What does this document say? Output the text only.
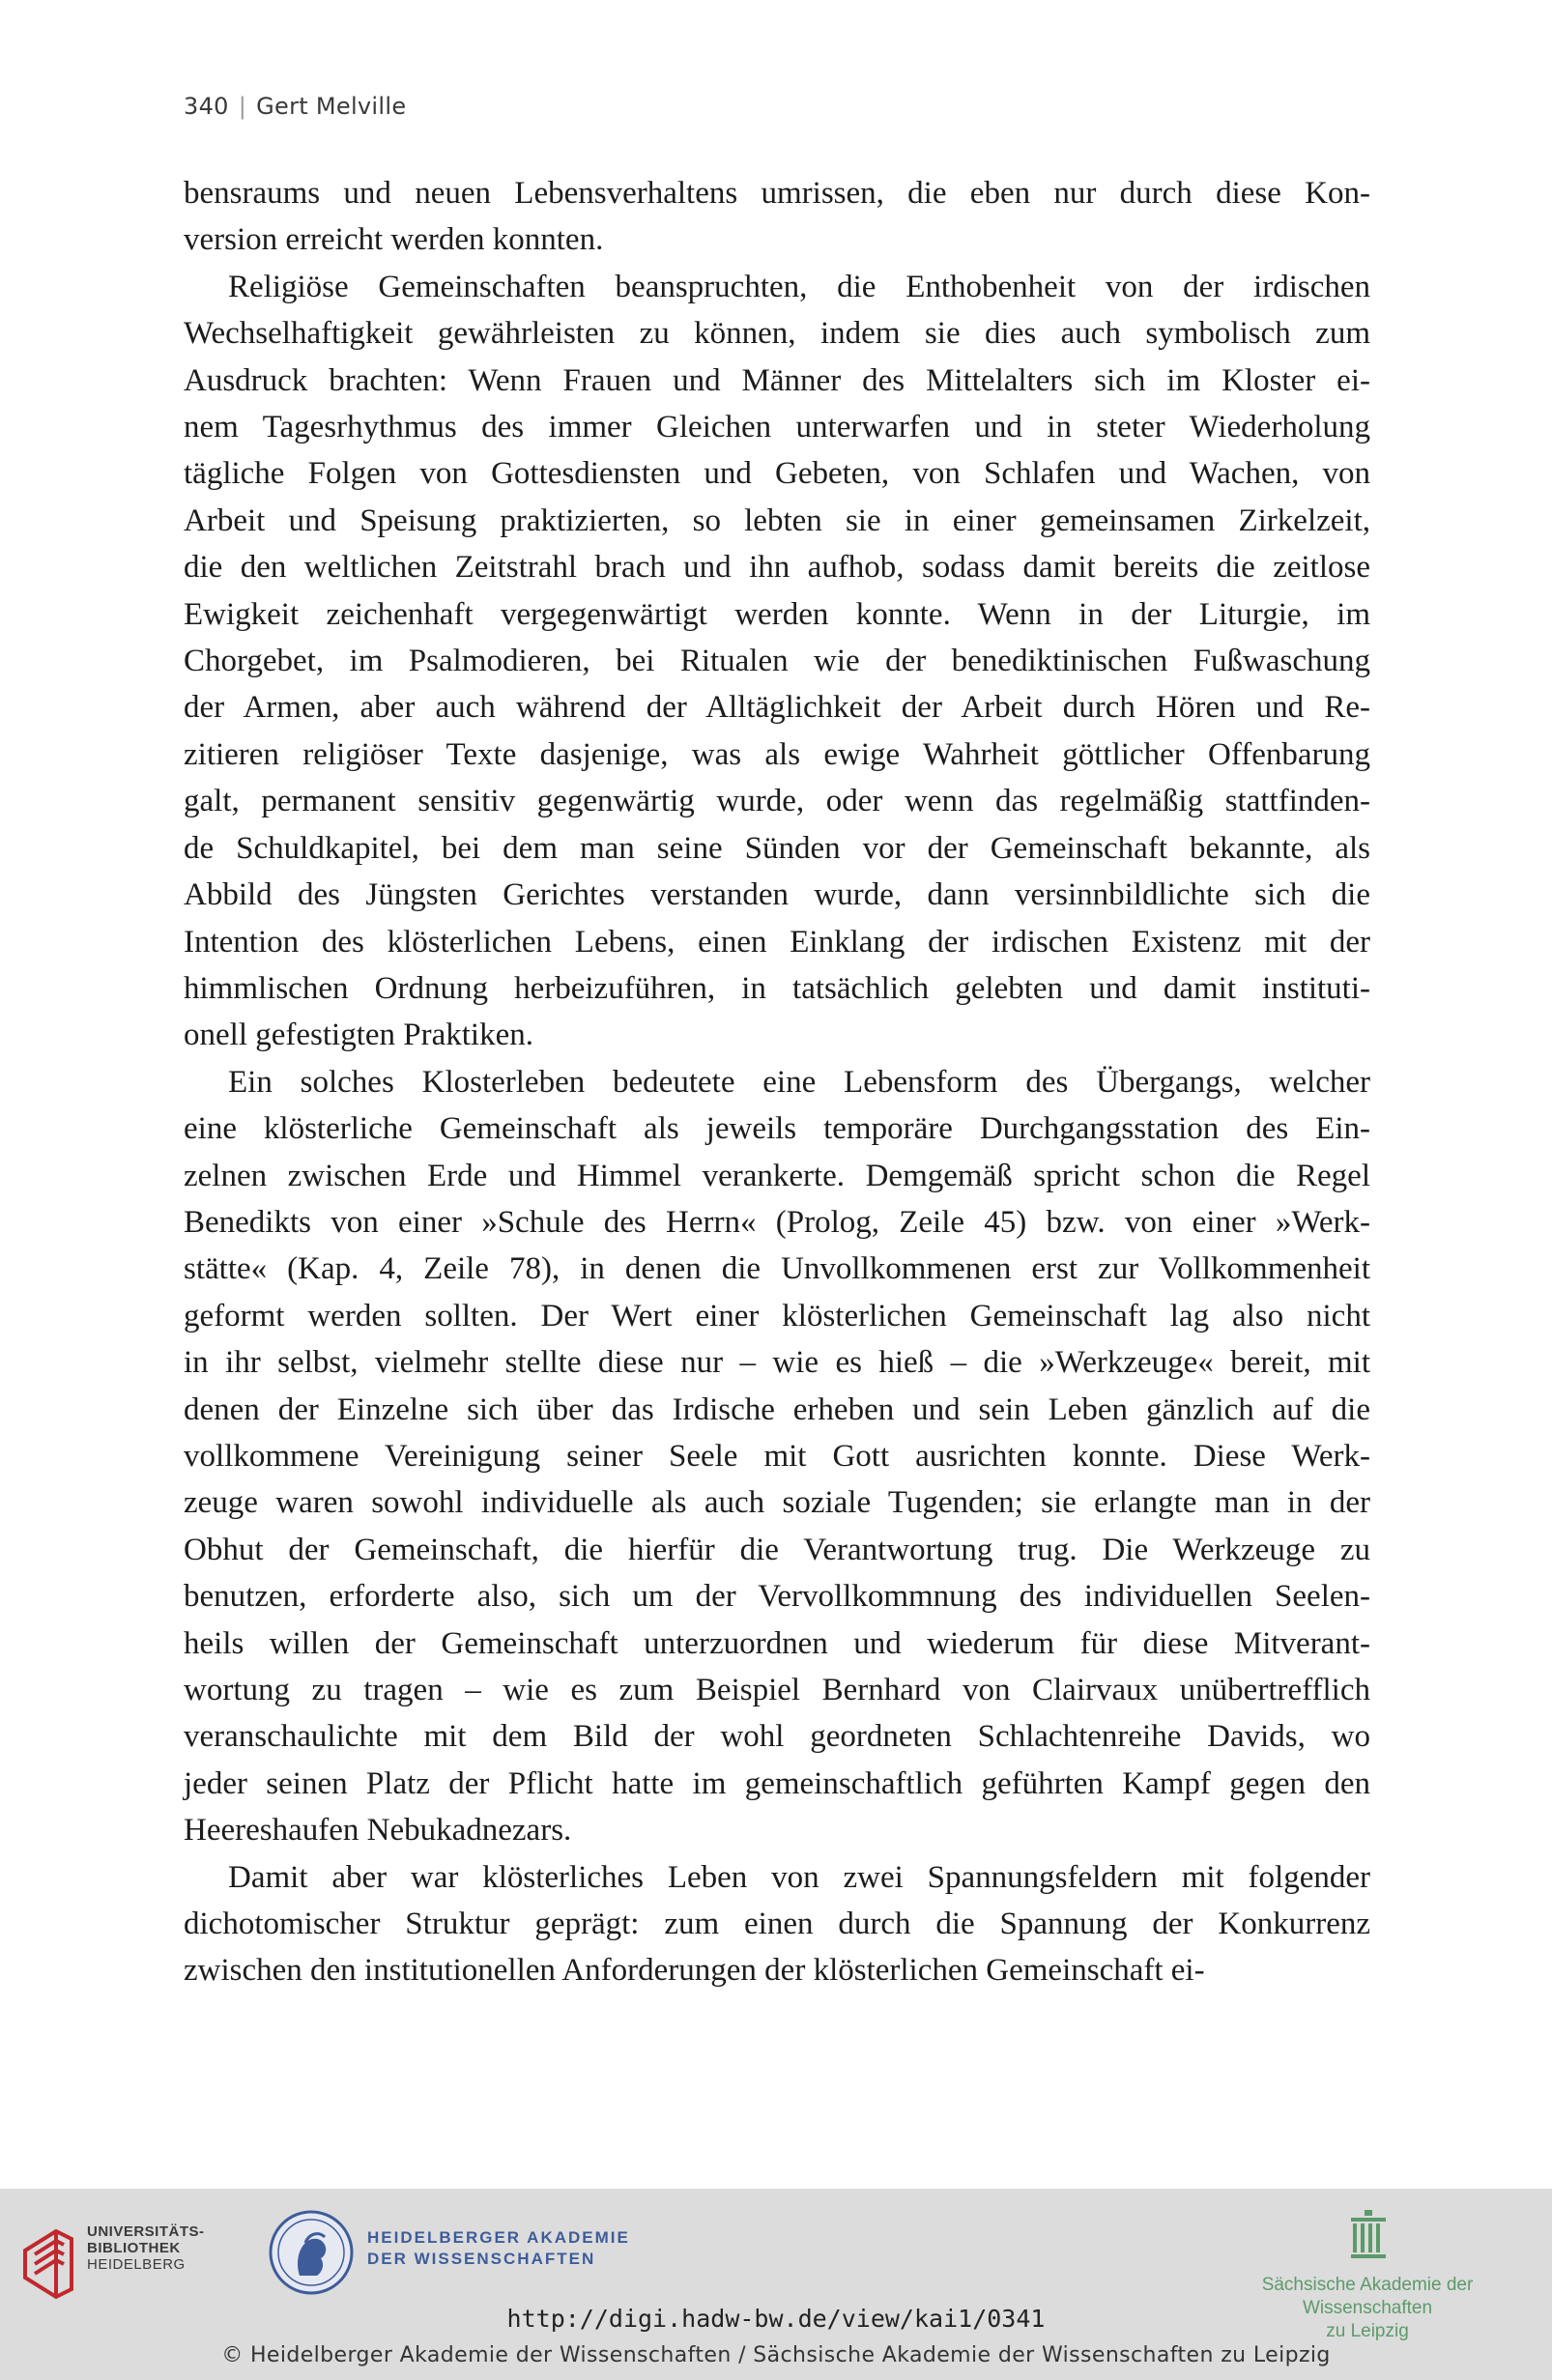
340 | Gert Melville

bensraums und neuen Lebensverhaltens umrissen, die eben nur durch diese Kon-
version erreicht werden konnten.

Religiöse Gemeinschaften beanspruchten, die Enthobenheit von der irdischen
Wechselhaftigkeit gewährleisten zu können, indem sie dies auch symbolisch zum
Ausdruck brachten: Wenn Frauen und Männer des Mittelalters sich im Kloster ei-
nem Tagesrhythmus des immer Gleichen unterwarfen und in steter Wiederholung
tägliche Folgen von Gottesdiensten und Gebeten, von Schlafen und Wachen, von
Arbeit und Speisung praktizierten, so lebten sie in einer gemeinsamen Zirkelzeit,
die den weltlichen Zeitstrahl brach und ihn aufhob, sodass damit bereits die zeitlose
Ewigkeit zeichenhaft vergegenwärtigt werden konnte. Wenn in der Liturgie, im
Chorgebet, im Psalmodieren, bei Ritualen wie der benediktinischen Fußwaschung
der Armen, aber auch während der Alltäglichkeit der Arbeit durch Hören und Re-
zitieren religiöser Texte dasjenige, was als ewige Wahrheit göttlicher Offenbarung
galt, permanent sensitiv gegenwärtig wurde, oder wenn das regelmäßig stattfinden-
de Schuldkapitel, bei dem man seine Sünden vor der Gemeinschaft bekannte, als
Abbild des Jüngsten Gerichtes verstanden wurde, dann versinnbildlichte sich die
Intention des klösterlichen Lebens, einen Einklang der irdischen Existenz mit der
himmlischen Ordnung herbeizuführen, in tatsächlich gelebten und damit instituti-
onell gefestigten Praktiken.

Ein solches Klosterleben bedeutete eine Lebensform des Übergangs, welcher
eine klösterliche Gemeinschaft als jeweils temporäre Durchgangsstation des Ein-
zelnen zwischen Erde und Himmel verankerte. Demgemäß spricht schon die Regel
Benedikts von einer »Schule des Herrn« (Prolog, Zeile 45) bzw. von einer »Werk-
stätte« (Kap. 4, Zeile 78), in denen die Unvollkommenen erst zur Vollkommenheit
geformt werden sollten. Der Wert einer klösterlichen Gemeinschaft lag also nicht
in ihr selbst, vielmehr stellte diese nur – wie es hieß – die »Werkzeuge« bereit, mit
denen der Einzelne sich über das Irdische erheben und sein Leben gänzlich auf die
vollkommene Vereinigung seiner Seele mit Gott ausrichten konnte. Diese Werk-
zeuge waren sowohl individuelle als auch soziale Tugenden; sie erlangte man in der
Obhut der Gemeinschaft, die hierfür die Verantwortung trug. Die Werkzeuge zu
benutzen, erforderte also, sich um der Vervollkommnung des individuellen Seelen-
heils willen der Gemeinschaft unterzuordnen und wiederum für diese Mitverant-
wortung zu tragen – wie es zum Beispiel Bernhard von Clairvaux unübertrefflich
veranschaulichte mit dem Bild der wohl geordneten Schlachtenreihe Davids, wo
jeder seinen Platz der Pflicht hatte im gemeinschaftlich geführten Kampf gegen den
Heereshaufen Nebukadnezars.

Damit aber war klösterliches Leben von zwei Spannungsfeldern mit folgender
dichotomischer Struktur geprägt: zum einen durch die Spannung der Konkurrenz
zwischen den institutionellen Anforderungen der klösterlichen Gemeinschaft ei-

UNIVERSITÄTS-
BIBLIOTHEK
HEIDELBERG
HEIDELBERGER AKADEMIE
DER WISSENSCHAFTEN
Sächsische Akademie der Wissenschaften
zu Leipzig
http://digi.hadw-bw.de/view/kai1/0341
© Heidelberger Akademie der Wissenschaften / Sächsische Akademie der Wissenschaften zu Leipzig
